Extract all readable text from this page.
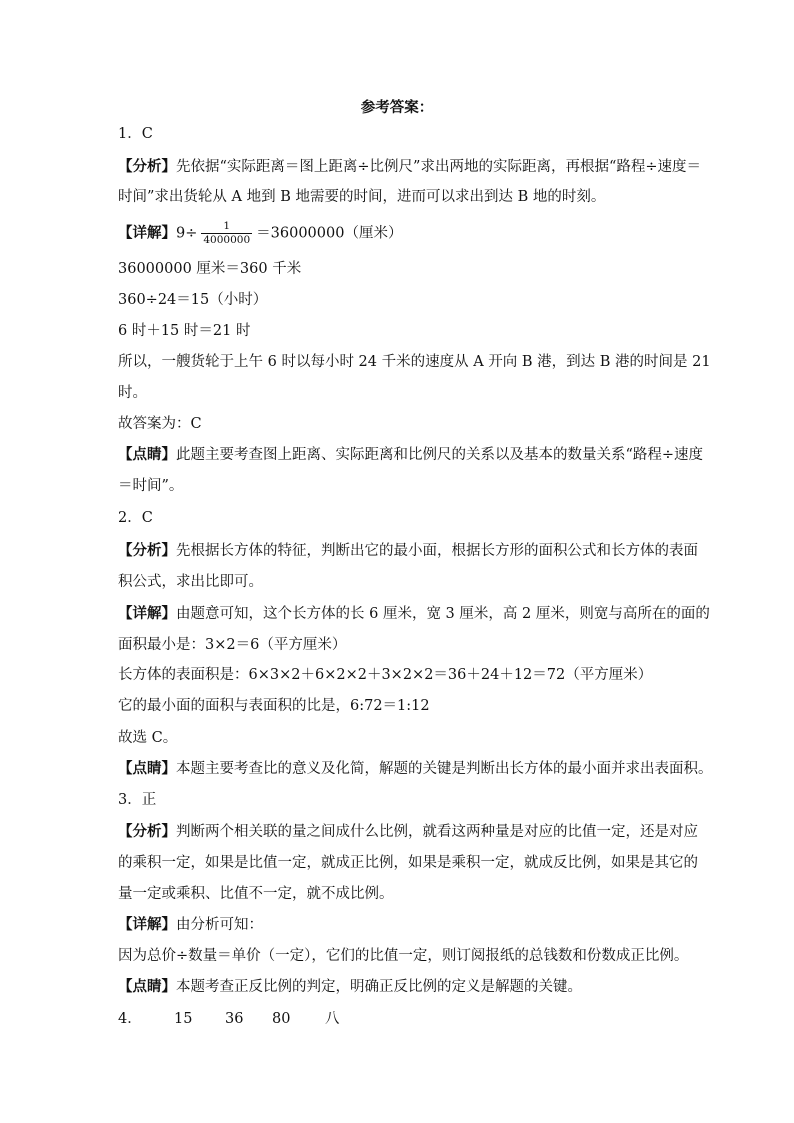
参考答案：
1．C
【分析】先依据“实际距离＝图上距离÷比例尺”求出两地的实际距离，再根据“路程÷速度＝
时间”求出货轮从 A 地到 B 地需要的时间，进而可以求出到达 B 地的时刻。
【详解】$9\div \frac{1}{4000000} =36000000$（厘米）
36000000 厘米＝360 千米
360÷24＝15（小时）
6 时＋15 时＝21 时
所以，一艘货轮于上午 6 时以每小时 24 千米的速度从 A 开向 B 港，到达 B 港的时间是 21
时。
故答案为：C
【点睛】此题主要考查图上距离、实际距离和比例尺的关系以及基本的数量关系“路程÷速度
＝时间”。
2．C
【分析】先根据长方体的特征，判断出它的最小面，根据长方形的面积公式和长方体的表面
积公式，求出比即可。
【详解】由题意可知，这个长方体的长 6 厘米，宽 3 厘米，高 2 厘米，则宽与高所在的面的
面积最小是：3×2＝6（平方厘米）
长方体的表面积是：6×3×2＋6×2×2＋3×2×2＝36＋24＋12＝72（平方厘米）
它的最小面的面积与表面积的比是，6:72＝1:12
故选 C。
【点睛】本题主要考查比的意义及化简，解题的关键是判断出长方体的最小面并求出表面积。
3．正
【分析】判断两个相关联的量之间成什么比例，就看这两种量是对应的比值一定，还是对应
的乘积一定，如果是比值一定，就成正比例，如果是乘积一定，就成反比例，如果是其它的
量一定或乘积、比值不一定，就不成比例。
【详解】由分析可知：
因为总价÷数量＝单价（一定），它们的比值一定，则订阅报纸的总钱数和份数成正比例。
【点睛】本题考查正反比例的判定，明确正反比例的定义是解题的关键。
4． 15 36 80 八
